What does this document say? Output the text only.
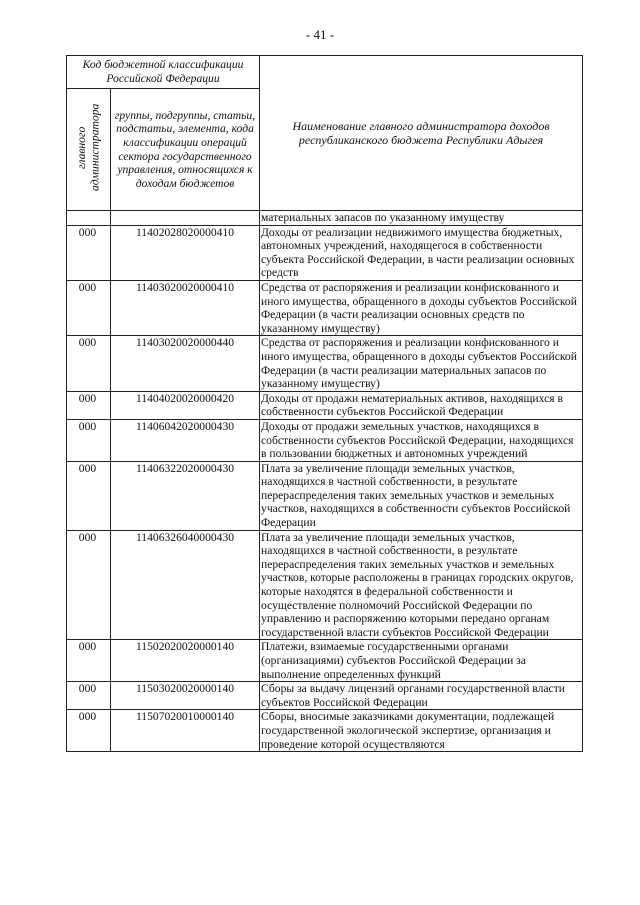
- 41 -
Код бюджетной классификации Российской Федерации		Наименование главного администратора доходов республиканского бюджета Республики Адыгея

главного администратора	группы, подгруппы, статьи, подстатьи, элемента, кода классификации операций сектора государственного управления, относящихся к доходам бюджетов	
		материальных запасов по указанному имуществу
000	11402028020000410	Доходы от реализации недвижимого имущества бюджетных, автономных учреждений, находящегося в собственности субъекта Российской Федерации, в части реализации основных средств
000	11403020020000410	Средства от распоряжения и реализации конфискованного и иного имущества, обращенного в доходы субъектов Российской Федерации (в части реализации основных средств по указанному имуществу)
000	11403020020000440	Средства от распоряжения и реализации конфискованного и иного имущества, обращенного в доходы субъектов Российской Федерации (в части реализации материальных запасов по указанному имуществу)
000	11404020020000420	Доходы от продажи нематериальных активов, находящихся в собственности субъектов Российской Федерации
000	11406042020000430	Доходы от продажи земельных участков, находящихся в собственности субъектов Российской Федерации, находящихся в пользовании бюджетных и автономных учреждений
000	11406322020000430	Плата за увеличение площади земельных участков, находящихся в частной собственности, в результате перераспределения таких земельных участков и земельных участков, находящихся в собственности субъектов Российской Федерации
000	11406326040000430	Плата за увеличение площади земельных участков, находящихся в частной собственности, в результате перераспределения таких земельных участков и земельных участков, которые расположены в границах городских округов, которые находятся в федеральной собственности и осуществление полномочий Российской Федерации по управлению и распоряжению которыми передано органам государственной власти субъектов Российской Федерации
000	11502020020000140	Платежи, взимаемые государственными органами (организациями) субъектов Российской Федерации за выполнение определенных функций
000	11503020020000140	Сборы за выдачу лицензий органами государственной власти субъектов Российской Федерации
000	11507020010000140	Сборы, вносимые заказчиками документации, подлежащей государственной экологической экспертизе, организация и проведение которой осуществляются
